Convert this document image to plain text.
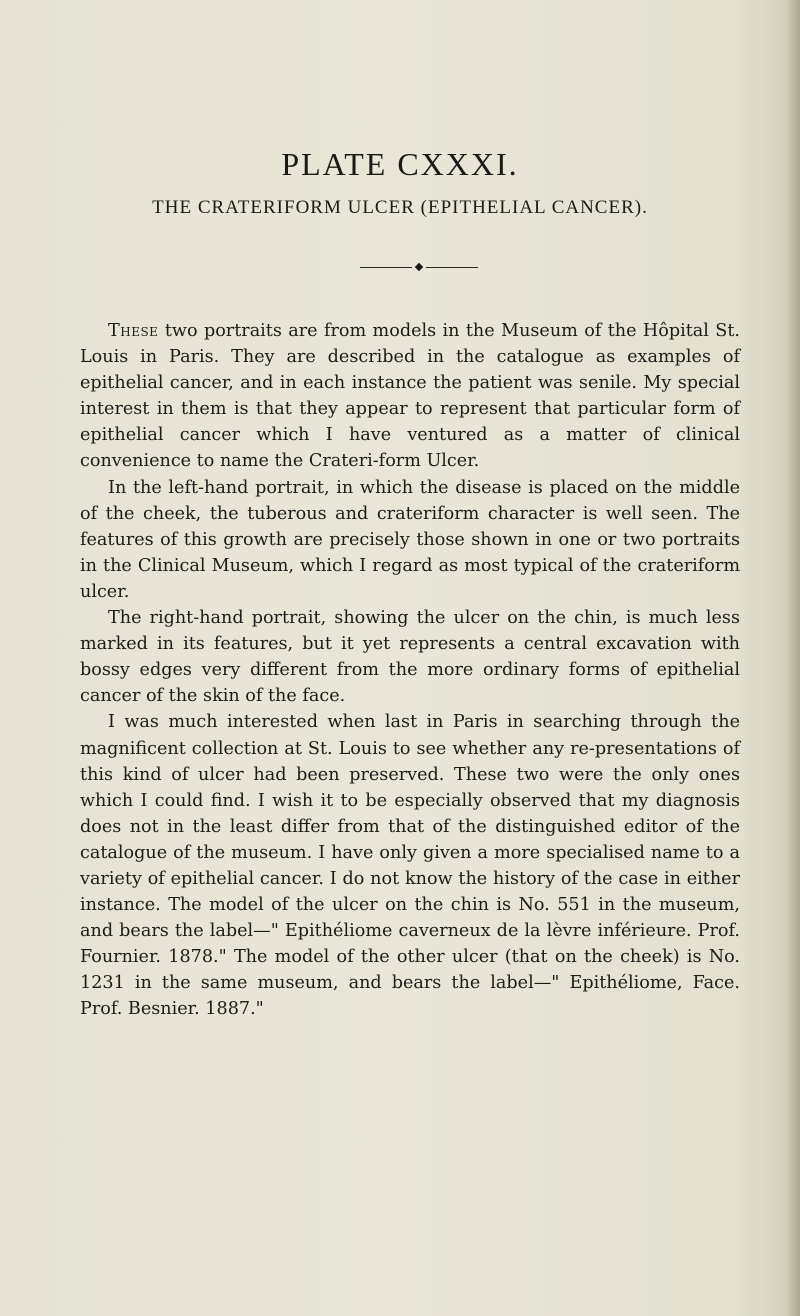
PLATE CXXXI.
THE CRATERIFORM ULCER (EPITHELIAL CANCER).

These two portraits are from models in the Museum of the Hôpital St. Louis in Paris. They are described in the catalogue as examples of epithelial cancer, and in each instance the patient was senile. My special interest in them is that they appear to represent that particular form of epithelial cancer which I have ventured as a matter of clinical convenience to name the Crateri-form Ulcer.

In the left-hand portrait, in which the disease is placed on the middle of the cheek, the tuberous and crateriform character is well seen. The features of this growth are precisely those shown in one or two portraits in the Clinical Museum, which I regard as most typical of the crateriform ulcer.

The right-hand portrait, showing the ulcer on the chin, is much less marked in its features, but it yet represents a central excavation with bossy edges very different from the more ordinary forms of epithelial cancer of the skin of the face.

I was much interested when last in Paris in searching through the magnificent collection at St. Louis to see whether any re-presentations of this kind of ulcer had been preserved. These two were the only ones which I could find. I wish it to be especially observed that my diagnosis does not in the least differ from that of the distinguished editor of the catalogue of the museum. I have only given a more specialised name to a variety of epithelial cancer. I do not know the history of the case in either instance. The model of the ulcer on the chin is No. 551 in the museum, and bears the label—" Epithéliome caverneux de la lèvre inférieure. Prof. Fournier. 1878." The model of the other ulcer (that on the cheek) is No. 1231 in the same museum, and bears the label—" Epithéliome, Face. Prof. Besnier. 1887."
